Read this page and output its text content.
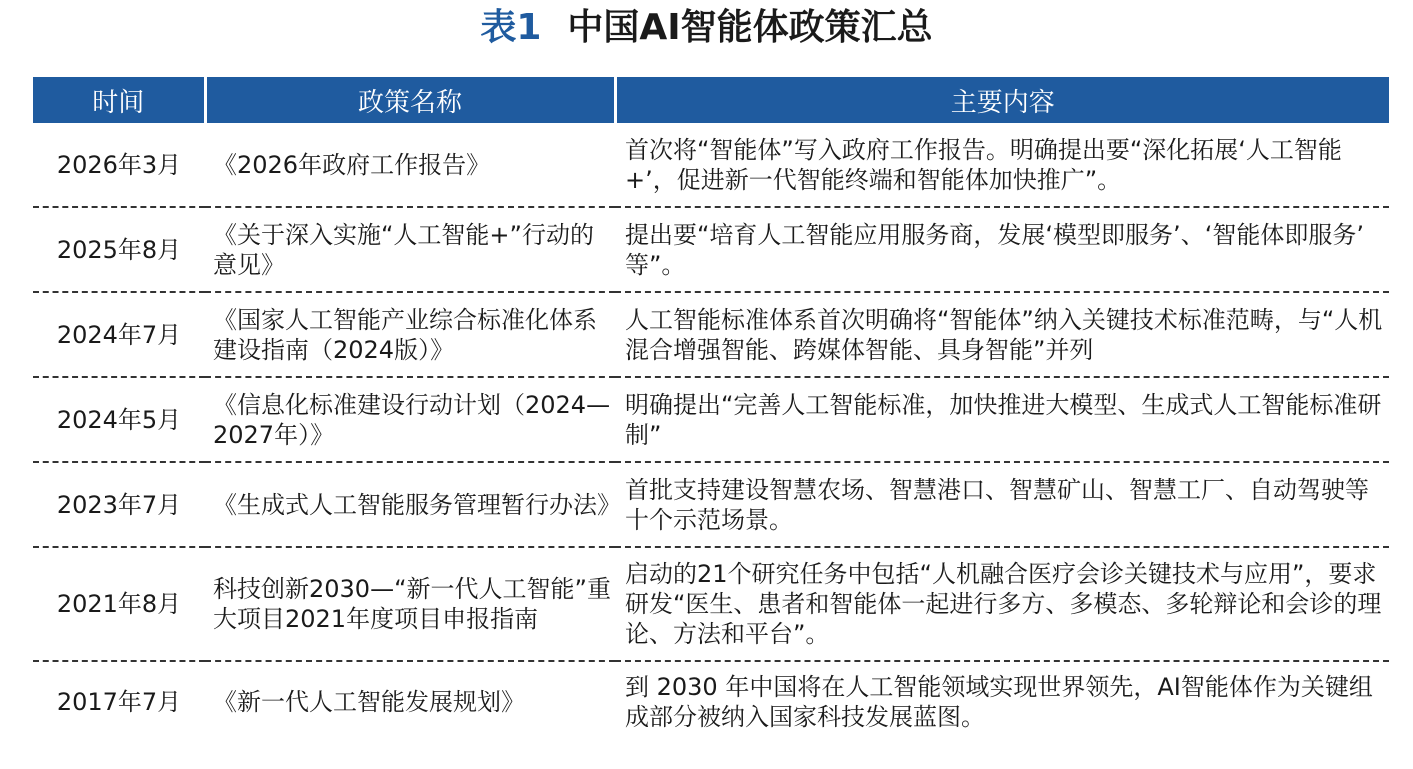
表1 中国AI智能体政策汇总
时间	政策名称	主要内容
2026年3月	《2026年政府工作报告》	首次将“智能体”写入政府工作报告。明确提出要“深化拓展‘人工智能+’，促进新一代智能终端和智能体加快推广”。
2025年8月	《关于深入实施“人工智能+”行动的意见》	提出要“培育人工智能应用服务商，发展‘模型即服务’、‘智能体即服务’ 等”。
2024年7月	《国家人工智能产业综合标准化体系建设指南（2024版）》	人工智能标准体系首次明确将“智能体”纳入关键技术标准范畴，与“人机混合增强智能、跨媒体智能、具身智能”并列
2024年5月	《信息化标准建设行动计划（2024—2027年）》	明确提出“完善人工智能标准，加快推进大模型、生成式人工智能标准研制”
2023年7月	《生成式人工智能服务管理暂行办法》	首批支持建设智慧农场、智慧港口、智慧矿山、智慧工厂、自动驾驶等十个示范场景。
2021年8月	科技创新2030—“新一代人工智能”重大项目2021年度项目申报指南	启动的21个研究任务中包括“人机融合医疗会诊关键技术与应用”，要求研发“医生、患者和智能体一起进行多方、多模态、多轮辩论和会诊的理论、方法和平台”。
2017年7月	《新一代人工智能发展规划》	到 2030 年中国将在人工智能领域实现世界领先，AI智能体作为关键组成部分被纳入国家科技发展蓝图。
